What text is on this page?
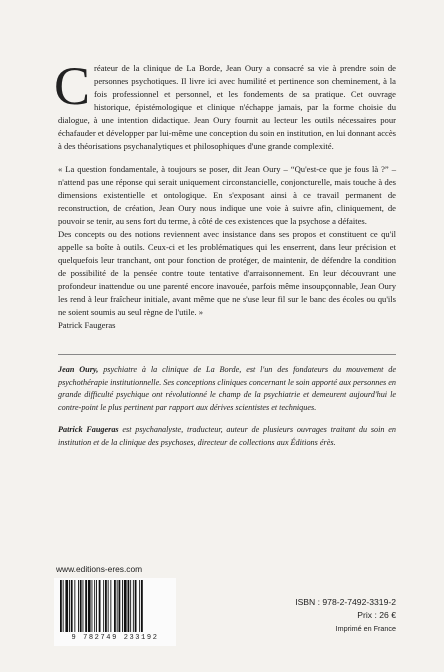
Créateur de la clinique de La Borde, Jean Oury a consacré sa vie à prendre soin de personnes psychotiques. Il livre ici avec humilité et pertinence son cheminement, à la fois professionnel et personnel, et les fondements de sa pratique. Cet ouvrage historique, épistémologique et clinique n'échappe jamais, par la forme choisie du dialogue, à une intention didactique. Jean Oury fournit au lecteur les outils nécessaires pour échafauder et développer par lui-même une conception du soin en institution, en lui donnant accès à des théorisations psychanalytiques et philosophiques d'une grande complexité.

« La question fondamentale, à toujours se poser, dit Jean Oury – “Qu'est-ce que je fous là ?” – n'attend pas une réponse qui serait uniquement circonstancielle, conjoncturelle, mais touche à des dimensions existentielle et ontologique. En s'exposant ainsi à ce travail permanent de reconstruction, de création, Jean Oury nous indique une voie à suivre afin, cliniquement, de pouvoir se tenir, au sens fort du terme, à côté de ces existences que la psychose a défaites.

Des concepts ou des notions reviennent avec insistance dans ses propos et constituent ce qu'il appelle sa boîte à outils. Ceux-ci et les problématiques qui les enserrent, dans leur précision et quelquefois leur tranchant, ont pour fonction de protéger, de maintenir, de défendre la condition de possibilité de la pensée contre toute tentative d'arraisonnement. En leur découvrant une profondeur inattendue ou une parenté encore inavouée, parfois même insoupçonnable, Jean Oury les rend à leur fraîcheur initiale, avant même que ne s'use leur fil sur le banc des écoles ou qu'ils ne soient soumis au seul règne de l'utile. »

Patrick Faugeras

Jean Oury, psychiatre à la clinique de La Borde, est l'un des fondateurs du mouvement de psychothérapie institutionnelle. Ses conceptions cliniques concernant le soin apporté aux personnes en grande difficulté psychique ont révolutionné le champ de la psychiatrie et demeurent aujourd'hui le contre-point le plus pertinent par rapport aux dérives scientistes et techniques.

Patrick Faugeras est psychanalyste, traducteur, auteur de plusieurs ouvrages traitant du soin en institution et de la clinique des psychoses, directeur de collections aux Éditions érès.

www.editions-eres.com
9 782749 233192
ISBN : 978-2-7492-3319-2
Prix : 26 €
Imprimé en France
